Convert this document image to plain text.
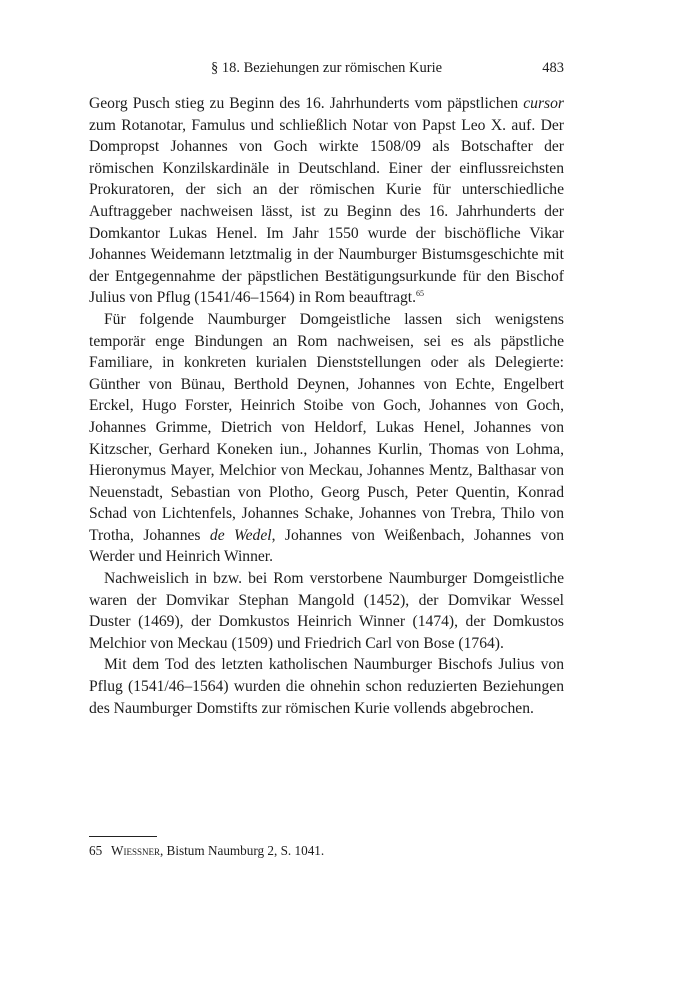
§ 18. Beziehungen zur römischen Kurie	483

Georg Pusch stieg zu Beginn des 16. Jahrhunderts vom päpstlichen cursor zum Rotanotar, Famulus und schließlich Notar von Papst Leo X. auf. Der Dompropst Johannes von Goch wirkte 1508/09 als Botschafter der römischen Konzilskardinäle in Deutschland. Einer der einflussreichsten Prokuratoren, der sich an der römischen Kurie für unterschiedliche Auftraggeber nachweisen lässt, ist zu Beginn des 16. Jahrhunderts der Domkantor Lukas Henel. Im Jahr 1550 wurde der bischöfliche Vikar Johannes Weidemann letztmalig in der Naumburger Bistumsgeschichte mit der Entgegennahme der päpstlichen Bestätigungsurkunde für den Bischof Julius von Pflug (1541/46–1564) in Rom beauftragt.$^{65}$

Für folgende Naumburger Domgeistliche lassen sich wenigstens temporär enge Bindungen an Rom nachweisen, sei es als päpstliche Familiare, in konkreten kurialen Dienststellungen oder als Delegierte: Günther von Bünau, Berthold Deynen, Johannes von Echte, Engelbert Erckel, Hugo Forster, Heinrich Stoibe von Goch, Johannes von Goch, Johannes Grimme, Dietrich von Heldorf, Lukas Henel, Johannes von Kitzscher, Gerhard Koneken iun., Johannes Kurlin, Thomas von Lohma, Hieronymus Mayer, Melchior von Meckau, Johannes Mentz, Balthasar von Neuenstadt, Sebastian von Plotho, Georg Pusch, Peter Quentin, Konrad Schad von Lichtenfels, Johannes Schake, Johannes von Trebra, Thilo von Trotha, Johannes de Wedel, Johannes von Weißenbach, Johannes von Werder und Heinrich Winner.

Nachweislich in bzw. bei Rom verstorbene Naumburger Domgeistliche waren der Domvikar Stephan Mangold (1452), der Domvikar Wessel Duster (1469), der Domkustos Heinrich Winner (1474), der Domkustos Melchior von Meckau (1509) und Friedrich Carl von Bose (1764).

Mit dem Tod des letzten katholischen Naumburger Bischofs Julius von Pflug (1541/46–1564) wurden die ohnehin schon reduzierten Beziehungen des Naumburger Domstifts zur römischen Kurie vollends abgebrochen.

65 Wiessner, Bistum Naumburg 2, S. 1041.
